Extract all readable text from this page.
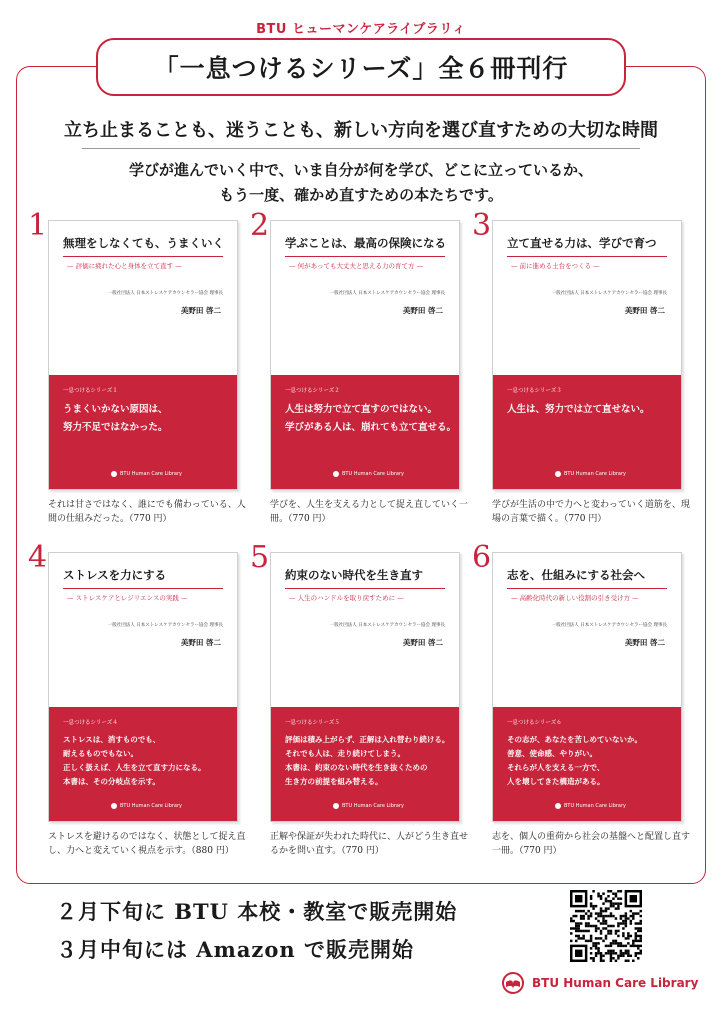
BTU ヒューマンケアライブラリィ
「一息つけるシリーズ」全６冊刊行
立ち止まることも、迷うことも、新しい方向を選び直すための大切な時間
学びが進んでいく中で、いま自分が何を学び、どこに立っているか、
もう一度、確かめ直すための本たちです。
1 無理をしなくても、うまくいく
— 評価に疲れた心と身体を立て直す —
一般社団法人 日本ストレスケアカウンセラー協会 理事長
美野田 啓二
一息つけるシリーズ１
うまくいかない原因は、
努力不足ではなかった。
BTU Human Care Library
それは甘さではなく、誰にでも備わっている、人間の仕組みだった。（770 円）
2 学ぶことは、最高の保険になる
— 何があっても大丈夫と思える力の育て方 —
一般社団法人 日本ストレスケアカウンセラー協会 理事長
美野田 啓二
一息つけるシリーズ２
人生は努力で立て直すのではない。
学びがある人は、崩れても立て直せる。
BTU Human Care Library
学びを、人生を支える力として捉え直していく一冊。（770 円）
3 立て直せる力は、学びで育つ
— 前に進める土台をつくる —
一般社団法人 日本ストレスケアカウンセラー協会 理事長
美野田 啓二
一息つけるシリーズ３
人生は、努力では立て直せない。
BTU Human Care Library
学びが生活の中で力へと変わっていく道筋を、現場の言葉で描く。（770 円）
4 ストレスを力にする
— ストレスケアとレジリエンスの実践 —
一般社団法人 日本ストレスケアカウンセラー協会 理事長
美野田 啓二
一息つけるシリーズ４
ストレスは、消すものでも、
耐えるものでもない。
正しく扱えば、人生を立て直す力になる。
本書は、その分岐点を示す。
BTU Human Care Library
ストレスを避けるのではなく、状態として捉え直し、力へと変えていく視点を示す。（880 円）
5 約束のない時代を生き直す
— 人生のハンドルを取り戻すために —
一般社団法人 日本ストレスケアカウンセラー協会 理事長
美野田 啓二
一息つけるシリーズ５
評価は積み上がらず、正解は入れ替わり続ける。
それでも人は、走り続けてしまう。
本書は、約束のない時代を生き抜くための
生き方の前提を組み替える。
BTU Human Care Library
正解や保証が失われた時代に、人がどう生き直せるかを問い直す。（770 円）
6 志を、仕組みにする社会へ
— 高齢化時代の新しい役割の引き受け方 —
一般社団法人 日本ストレスケアカウンセラー協会 理事長
美野田 啓二
一息つけるシリーズ６
その志が、あなたを苦しめていないか。
善意、使命感、やりがい。
それらが人を支える一方で、
人を壊してきた構造がある。
BTU Human Care Library
志を、個人の重荷から社会の基盤へと配置し直す一冊。（770 円）
２月下旬に BTU 本校・教室で販売開始
３月中旬には Amazon で販売開始
BTU Human Care Library
